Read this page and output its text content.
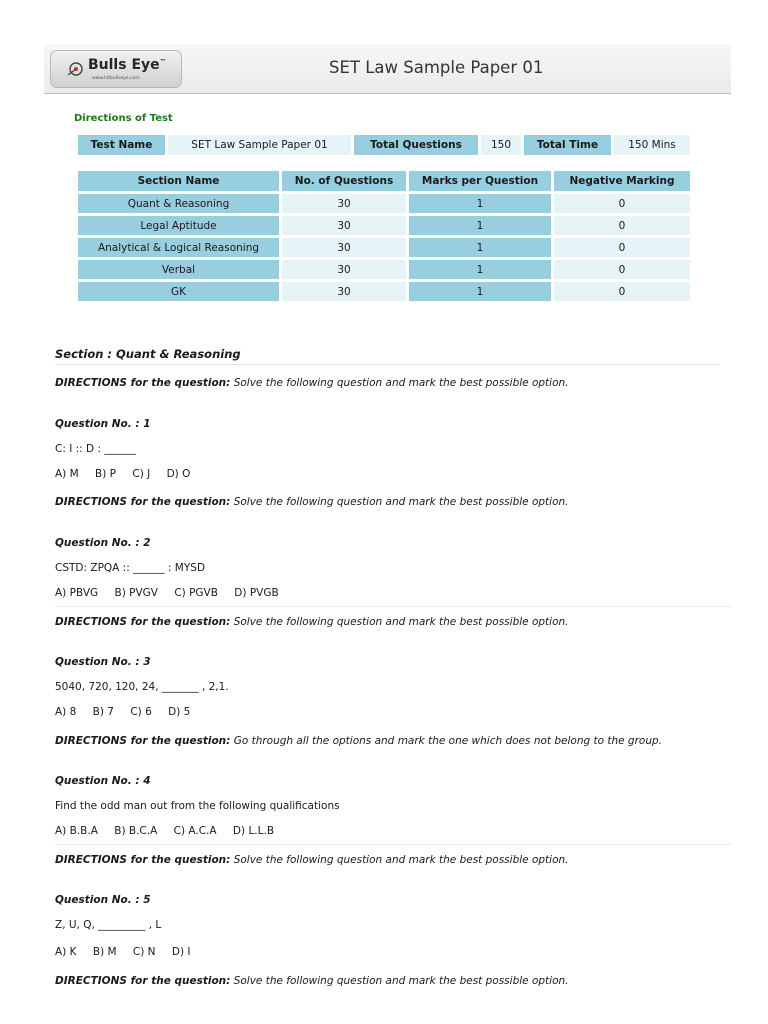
Bulls Eye™
www.hitbullseye.com
SET Law Sample Paper 01
Directions of Test
Test Name	SET Law Sample Paper 01	Total Questions	150	Total Time	150 Mins
Section Name	No. of Questions	Marks per Question	Negative Marking
Quant & Reasoning	30	1	0
Legal Aptitude	30	1	0
Analytical & Logical Reasoning	30	1	0
Verbal	30	1	0
GK	30	1	0
Section : Quant & Reasoning
DIRECTIONS for the question: Solve the following question and mark the best possible option.
Question No. : 1
C: I :: D : ______
A) M B) P C) J D) O
DIRECTIONS for the question: Solve the following question and mark the best possible option.
Question No. : 2
CSTD: ZPQA :: ______ : MYSD
A) PBVG B) PVGV C) PGVB D) PVGB
DIRECTIONS for the question: Solve the following question and mark the best possible option.
Question No. : 3
5040, 720, 120, 24, _______ , 2,1.
A) 8 B) 7 C) 6 D) 5
DIRECTIONS for the question: Go through all the options and mark the one which does not belong to the group.
Question No. : 4
Find the odd man out from the following qualifications
A) B.B.A B) B.C.A C) A.C.A D) L.L.B
DIRECTIONS for the question: Solve the following question and mark the best possible option.
Question No. : 5
Z, U, Q, _________ , L
A) K B) M C) N D) I
DIRECTIONS for the question: Solve the following question and mark the best possible option.
